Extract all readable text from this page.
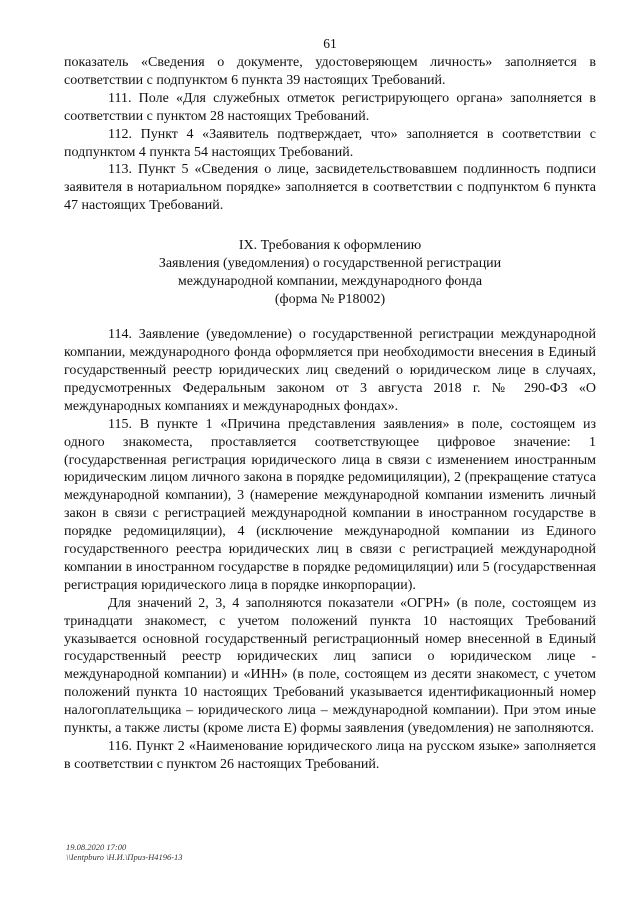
61

показатель «Сведения о документе, удостоверяющем личность» заполняется в соответствии с подпунктом 6 пункта 39 настоящих Требований.

111. Поле «Для служебных отметок регистрирующего органа» заполняется в соответствии с пунктом 28 настоящих Требований.

112. Пункт 4 «Заявитель подтверждает, что» заполняется в соответствии с подпунктом 4 пункта 54 настоящих Требований.

113. Пункт 5 «Сведения о лице, засвидетельствовавшем подлинность подписи заявителя в нотариальном порядке» заполняется в соответствии с подпунктом 6 пункта 47 настоящих Требований.

IX. Требования к оформлению
Заявления (уведомления) о государственной регистрации
международной компании, международного фонда
(форма № Р18002)

114. Заявление (уведомление) о государственной регистрации международной компании, международного фонда оформляется при необходимости внесения в Единый государственный реестр юридических лиц сведений о юридическом лице в случаях, предусмотренных Федеральным законом от 3 августа 2018 г. № 290-ФЗ «О международных компаниях и международных фондах».

115. В пункте 1 «Причина представления заявления» в поле, состоящем из одного знакоместа, проставляется соответствующее цифровое значение: 1 (государственная регистрация юридического лица в связи с изменением иностранным юридическим лицом личного закона в порядке редомициляции), 2 (прекращение статуса международной компании), 3 (намерение международной компании изменить личный закон в связи с регистрацией международной компании в иностранном государстве в порядке редомициляции), 4 (исключение международной компании из Единого государственного реестра юридических лиц в связи с регистрацией международной компании в иностранном государстве в порядке редомициляции) или 5 (государственная регистрация юридического лица в порядке инкорпорации).

Для значений 2, 3, 4 заполняются показатели «ОГРН» (в поле, состоящем из тринадцати знакомест, с учетом положений пункта 10 настоящих Требований указывается основной государственный регистрационный номер внесенной в Единый государственный реестр юридических лиц записи о юридическом лице - международной компании) и «ИНН» (в поле, состоящем из десяти знакомест, с учетом положений пункта 10 настоящих Требований указывается идентификационный номер налогоплательщика – юридического лица – международной компании). При этом иные пункты, а также листы (кроме листа Е) формы заявления (уведомления) не заполняются.

116. Пункт 2 «Наименование юридического лица на русском языке» заполняется в соответствии с пунктом 26 настоящих Требований.

19.08.2020 17:00
\\Ientpburo \Н.И.\Приз-Н4196-13
